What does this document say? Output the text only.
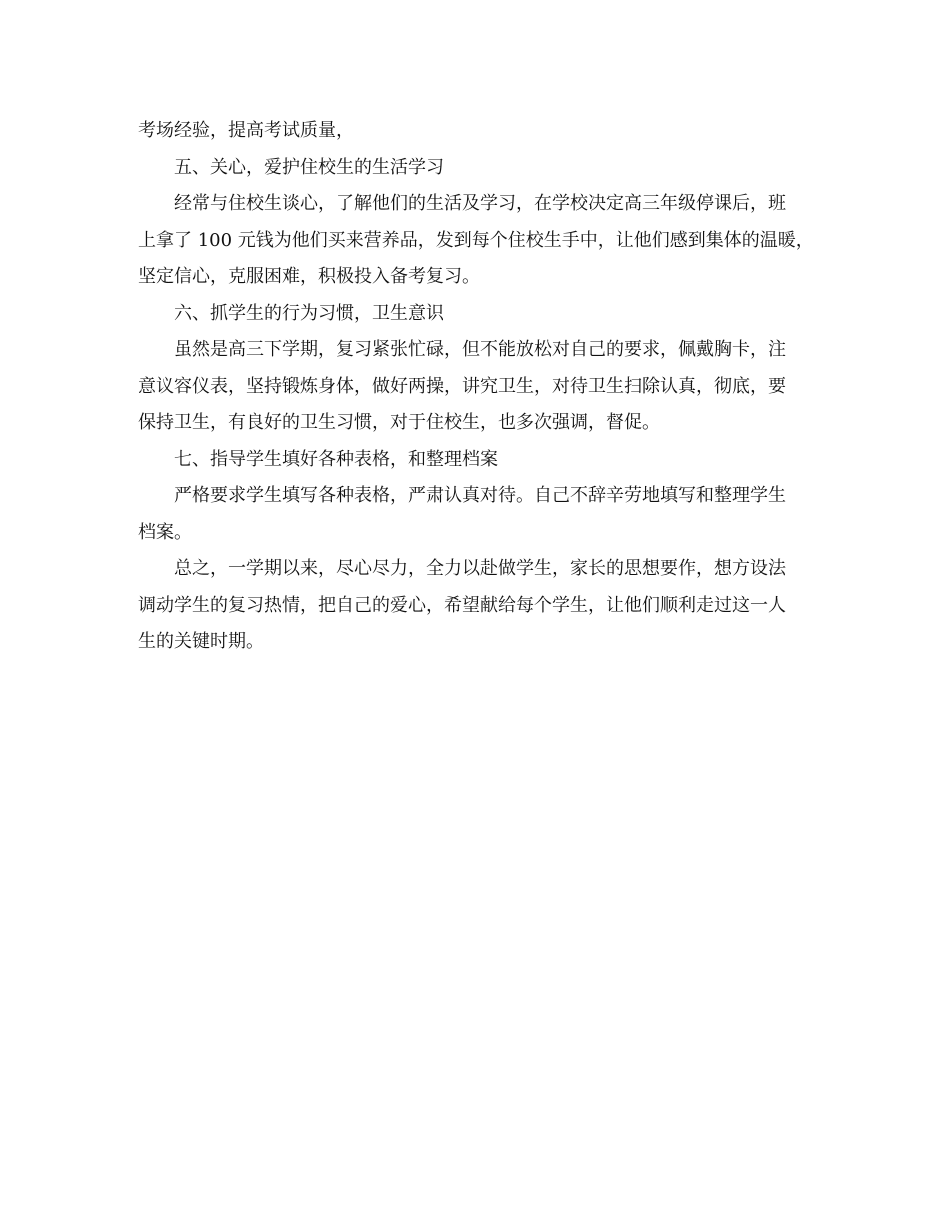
考场经验，提高考试质量，
五、关心，爱护住校生的生活学习
经常与住校生谈心，了解他们的生活及学习，在学校决定高三年级停课后，班
上拿了 100 元钱为他们买来营养品，发到每个住校生手中，让他们感到集体的温暖，
坚定信心，克服困难，积极投入备考复习。
六、抓学生的行为习惯，卫生意识
虽然是高三下学期，复习紧张忙碌，但不能放松对自己的要求，佩戴胸卡，注
意议容仪表，坚持锻炼身体，做好两操，讲究卫生，对待卫生扫除认真，彻底，要
保持卫生，有良好的卫生习惯，对于住校生，也多次强调，督促。
七、指导学生填好各种表格，和整理档案
严格要求学生填写各种表格，严肃认真对待。自己不辞辛劳地填写和整理学生
档案。
总之，一学期以来，尽心尽力，全力以赴做学生，家长的思想要作，想方设法
调动学生的复习热情，把自己的爱心，希望献给每个学生，让他们顺利走过这一人
生的关键时期。
